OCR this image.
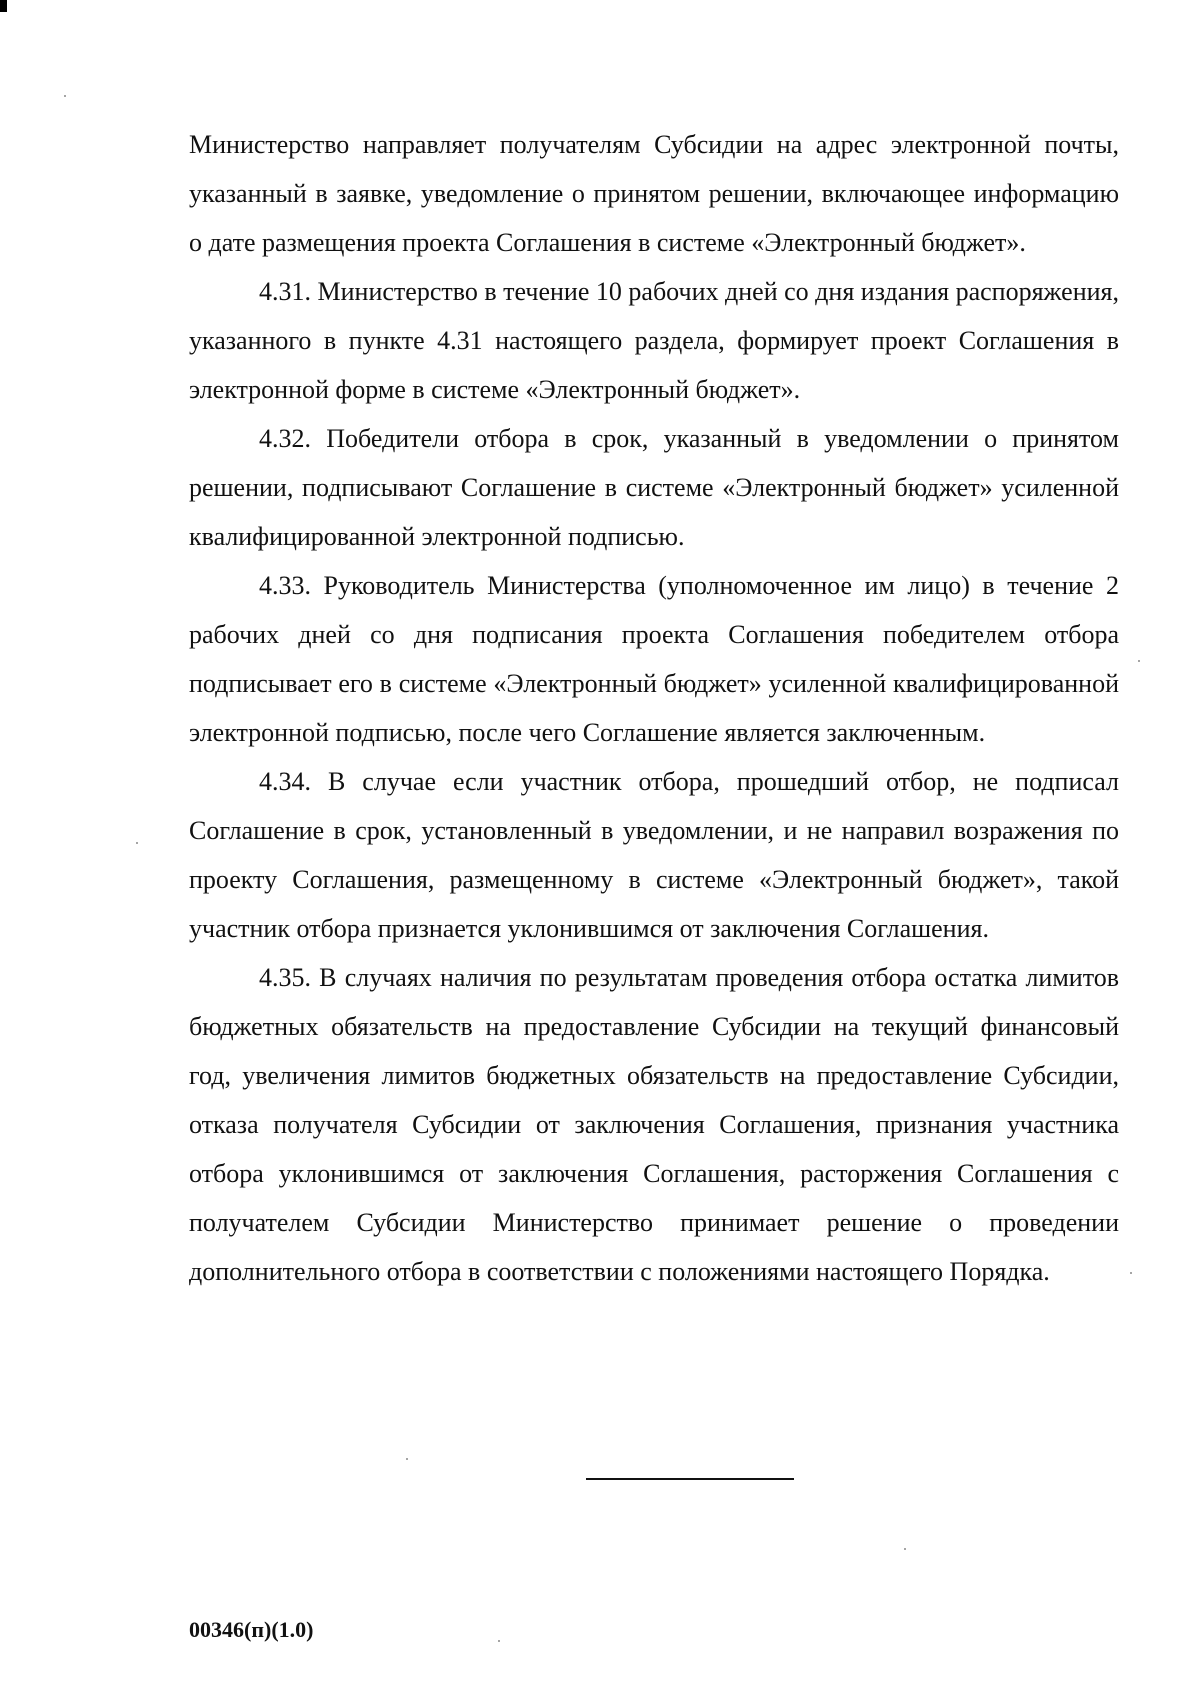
Министерство направляет получателям Субсидии на адрес электронной почты, указанный в заявке, уведомление о принятом решении, включающее информацию о дате размещения проекта Соглашения в системе «Электронный бюджет».

4.31. Министерство в течение 10 рабочих дней со дня издания распоряжения, указанного в пункте 4.31 настоящего раздела, формирует проект Соглашения в электронной форме в системе «Электронный бюджет».

4.32. Победители отбора в срок, указанный в уведомлении о принятом решении, подписывают Соглашение в системе «Электронный бюджет» усиленной квалифицированной электронной подписью.

4.33. Руководитель Министерства (уполномоченное им лицо) в течение 2 рабочих дней со дня подписания проекта Соглашения победителем отбора подписывает его в системе «Электронный бюджет» усиленной квалифицированной электронной подписью, после чего Соглашение является заключенным.

4.34. В случае если участник отбора, прошедший отбор, не подписал Соглашение в срок, установленный в уведомлении, и не направил возражения по проекту Соглашения, размещенному в системе «Электронный бюджет», такой участник отбора признается уклонившимся от заключения Соглашения.

4.35. В случаях наличия по результатам проведения отбора остатка лимитов бюджетных обязательств на предоставление Субсидии на текущий финансовый год, увеличения лимитов бюджетных обязательств на предоставление Субсидии, отказа получателя Субсидии от заключения Соглашения, признания участника отбора уклонившимся от заключения Соглашения, расторжения Соглашения с получателем Субсидии Министерство принимает решение о проведении дополнительного отбора в соответствии с положениями настоящего Порядка.

00346(п)(1.0)
